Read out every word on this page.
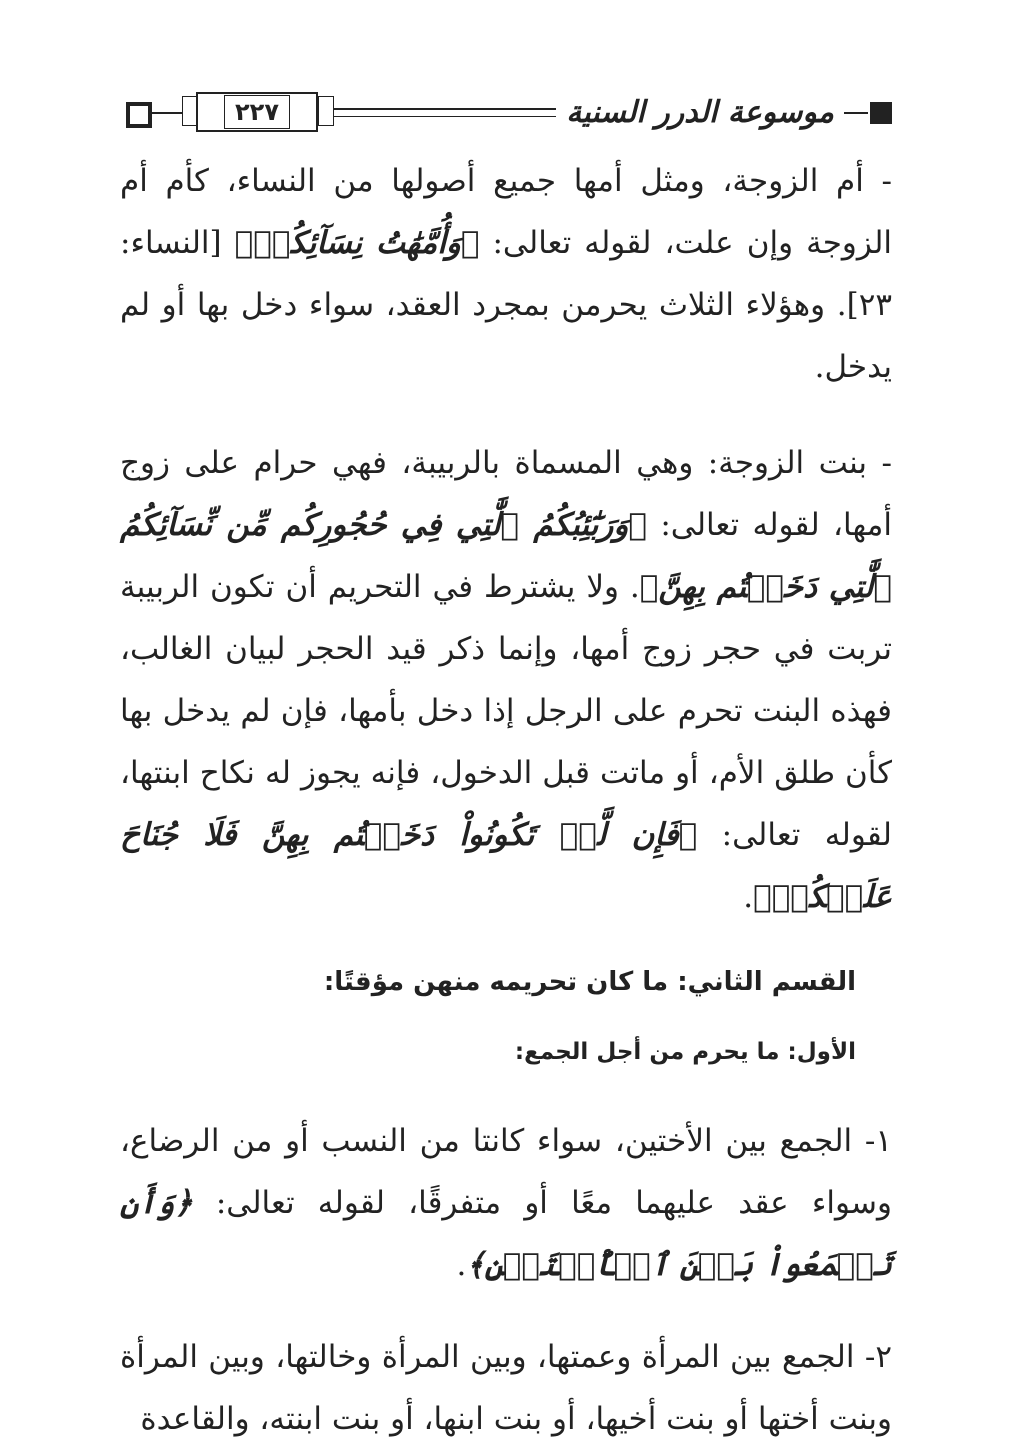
٢٢٧	موسوعة الدرر السنية

- أم الزوجة، ومثل أمها جميع أصولها من النساء، كأم أم الزوجة وإن علت، لقوله تعالى: ﴿وَأُمَّهَٰتُ نِسَآئِكُمۡ﴾ [النساء: ٢٣]. وهؤلاء الثلاث يحرمن بمجرد العقد، سواء دخل بها أو لم يدخل.

- بنت الزوجة: وهي المسماة بالربيبة، فهي حرام على زوج أمها، لقوله تعالى: ﴿وَرَبَٰٓئِبُكُمُ ٱلَّٰتِي فِي حُجُورِكُم مِّن نِّسَآئِكُمُ ٱلَّٰتِي دَخَلۡتُم بِهِنَّ﴾. ولا يشترط في التحريم أن تكون الربيبة تربت في حجر زوج أمها، وإنما ذكر قيد الحجر لبيان الغالب، فهذه البنت تحرم على الرجل إذا دخل بأمها، فإن لم يدخل بها كأن طلق الأم، أو ماتت قبل الدخول، فإنه يجوز له نكاح ابنتها، لقوله تعالى: ﴿فَإِن لَّمۡ تَكُونُواْ دَخَلۡتُم بِهِنَّ فَلَا جُنَاحَ عَلَيۡكُمۡ﴾.

القسم الثاني: ما كان تحريمه منهن مؤقتًا:
الأول: ما يحرم من أجل الجمع:

١- الجمع بين الأختين، سواء كانتا من النسب أو من الرضاع، وسواء عقد عليهما معًا أو متفرقًا، لقوله تعالى: ﴿وَأَن تَجۡمَعُواْ بَيۡنَ ٱلۡأُخۡتَيۡنِ﴾.

٢- الجمع بين المرأة وعمتها، وبين المرأة وخالتها، وبين المرأة وبنت أختها أو بنت أخيها، أو بنت ابنها، أو بنت ابنته، والقاعدة
